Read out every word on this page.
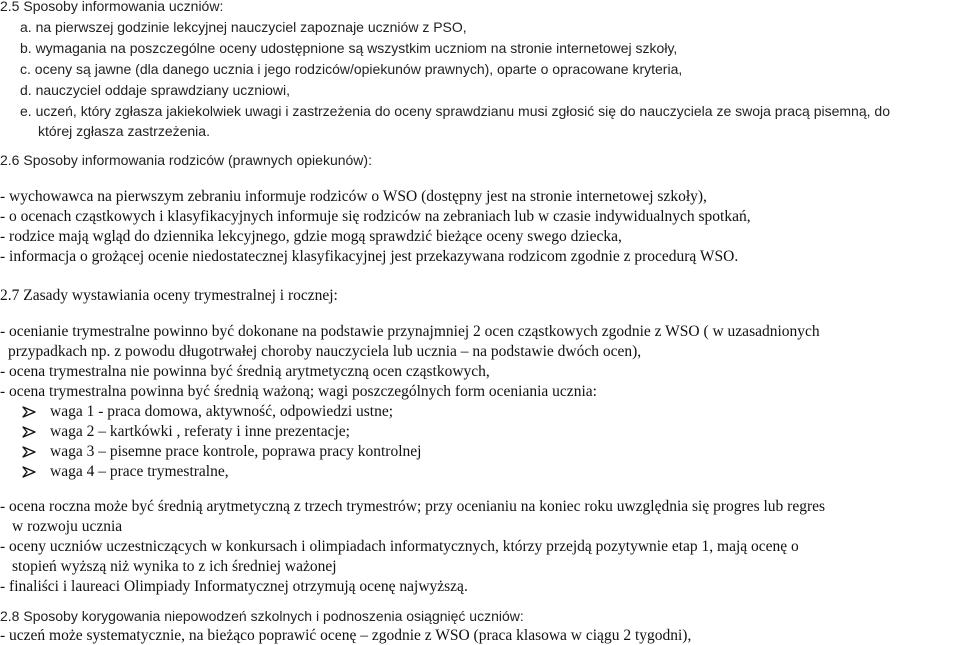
2.5 Sposoby informowania uczniów:
a. na pierwszej godzinie lekcyjnej nauczyciel zapoznaje uczniów z PSO,
b. wymagania na poszczególne oceny udostępnione są wszystkim uczniom na stronie internetowej szkoły,
c. oceny są jawne (dla danego ucznia i jego rodziców/opiekunów prawnych), oparte o opracowane kryteria,
d. nauczyciel oddaje sprawdziany uczniowi,
e. uczeń, który zgłasza jakiekolwiek uwagi i zastrzeżenia do oceny sprawdzianu musi zgłosić się do nauczyciela ze swoja pracą pisemną, do
której zgłasza zastrzeżenia.
2.6 Sposoby informowania rodziców (prawnych opiekunów):
- wychowawca na pierwszym zebraniu informuje rodziców o WSO (dostępny jest na stronie internetowej szkoły),
- o ocenach cząstkowych i klasyfikacyjnych informuje się rodziców na zebraniach lub w czasie indywidualnych spotkań,
- rodzice mają wgląd do dziennika lekcyjnego, gdzie mogą sprawdzić bieżące oceny swego dziecka,
- informacja o grożącej ocenie niedostatecznej klasyfikacyjnej jest przekazywana rodzicom zgodnie z procedurą WSO.
2.7 Zasady wystawiania oceny trymestralnej i rocznej:
- ocenianie trymestralne powinno być dokonane na podstawie przynajmniej 2 ocen cząstkowych zgodnie z WSO ( w uzasadnionych
przypadkach np. z powodu długotrwałej choroby nauczyciela lub ucznia – na podstawie dwóch ocen),
- ocena trymestralna nie powinna być średnią arytmetyczną ocen cząstkowych,
- ocena trymestralna powinna być średnią ważoną; wagi poszczególnych form oceniania ucznia:
waga 1 - praca domowa, aktywność, odpowiedzi ustne;
waga 2 – kartkówki , referaty i inne prezentacje;
waga 3 – pisemne prace kontrole, poprawa pracy kontrolnej
waga 4 – prace trymestralne,
- ocena roczna może być średnią arytmetyczną z trzech trymestrów; przy ocenianiu na koniec roku uwzględnia się progres lub regres
w rozwoju ucznia
- oceny uczniów uczestniczących w konkursach i olimpiadach informatycznych, którzy przejdą pozytywnie etap 1, mają ocenę o
stopień wyższą niż wynika to z ich średniej ważonej
- finaliści i laureaci Olimpiady Informatycznej otrzymują ocenę najwyższą.
2.8 Sposoby korygowania niepowodzeń szkolnych i podnoszenia osiągnięć uczniów:
- uczeń może systematycznie, na bieżąco poprawić ocenę – zgodnie z WSO (praca klasowa w ciągu 2 tygodni),
